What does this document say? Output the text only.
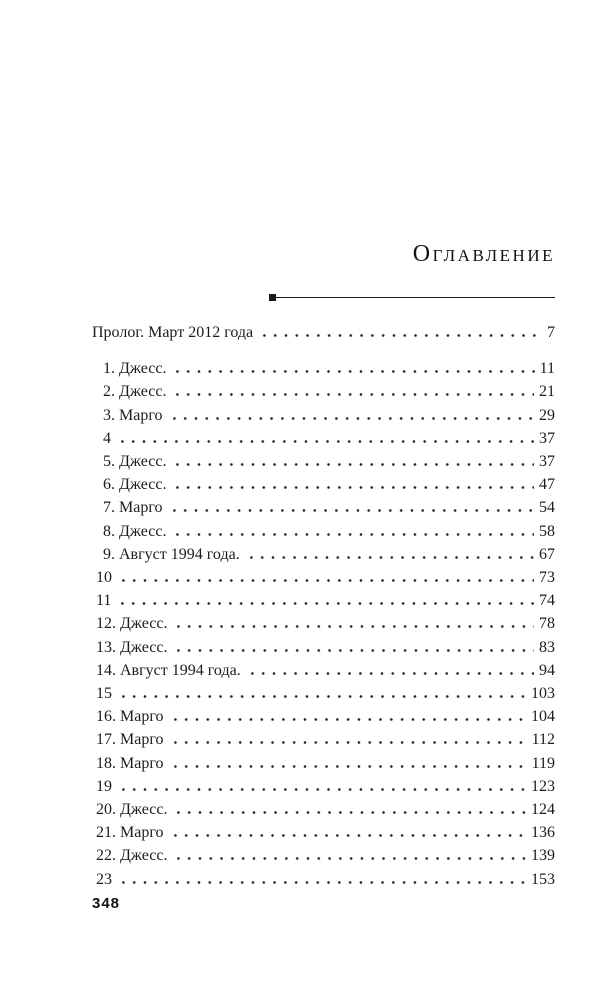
ОГЛАВЛЕНИЕ
Пролог. Март 2012 года	7
1. Джесс.	11
2. Джесс.	21
3. Марго	29
4	37
5. Джесс.	37
6. Джесс.	47
7. Марго	54
8. Джесс.	58
9. Август 1994 года.	67
10	73
11	74
12. Джесс.	78
13. Джесс.	83
14. Август 1994 года.	94
15	103
16. Марго	104
17. Марго	112
18. Марго	119
19	123
20. Джесс.	124
21. Марго	136
22. Джесс.	139
23	153
348
